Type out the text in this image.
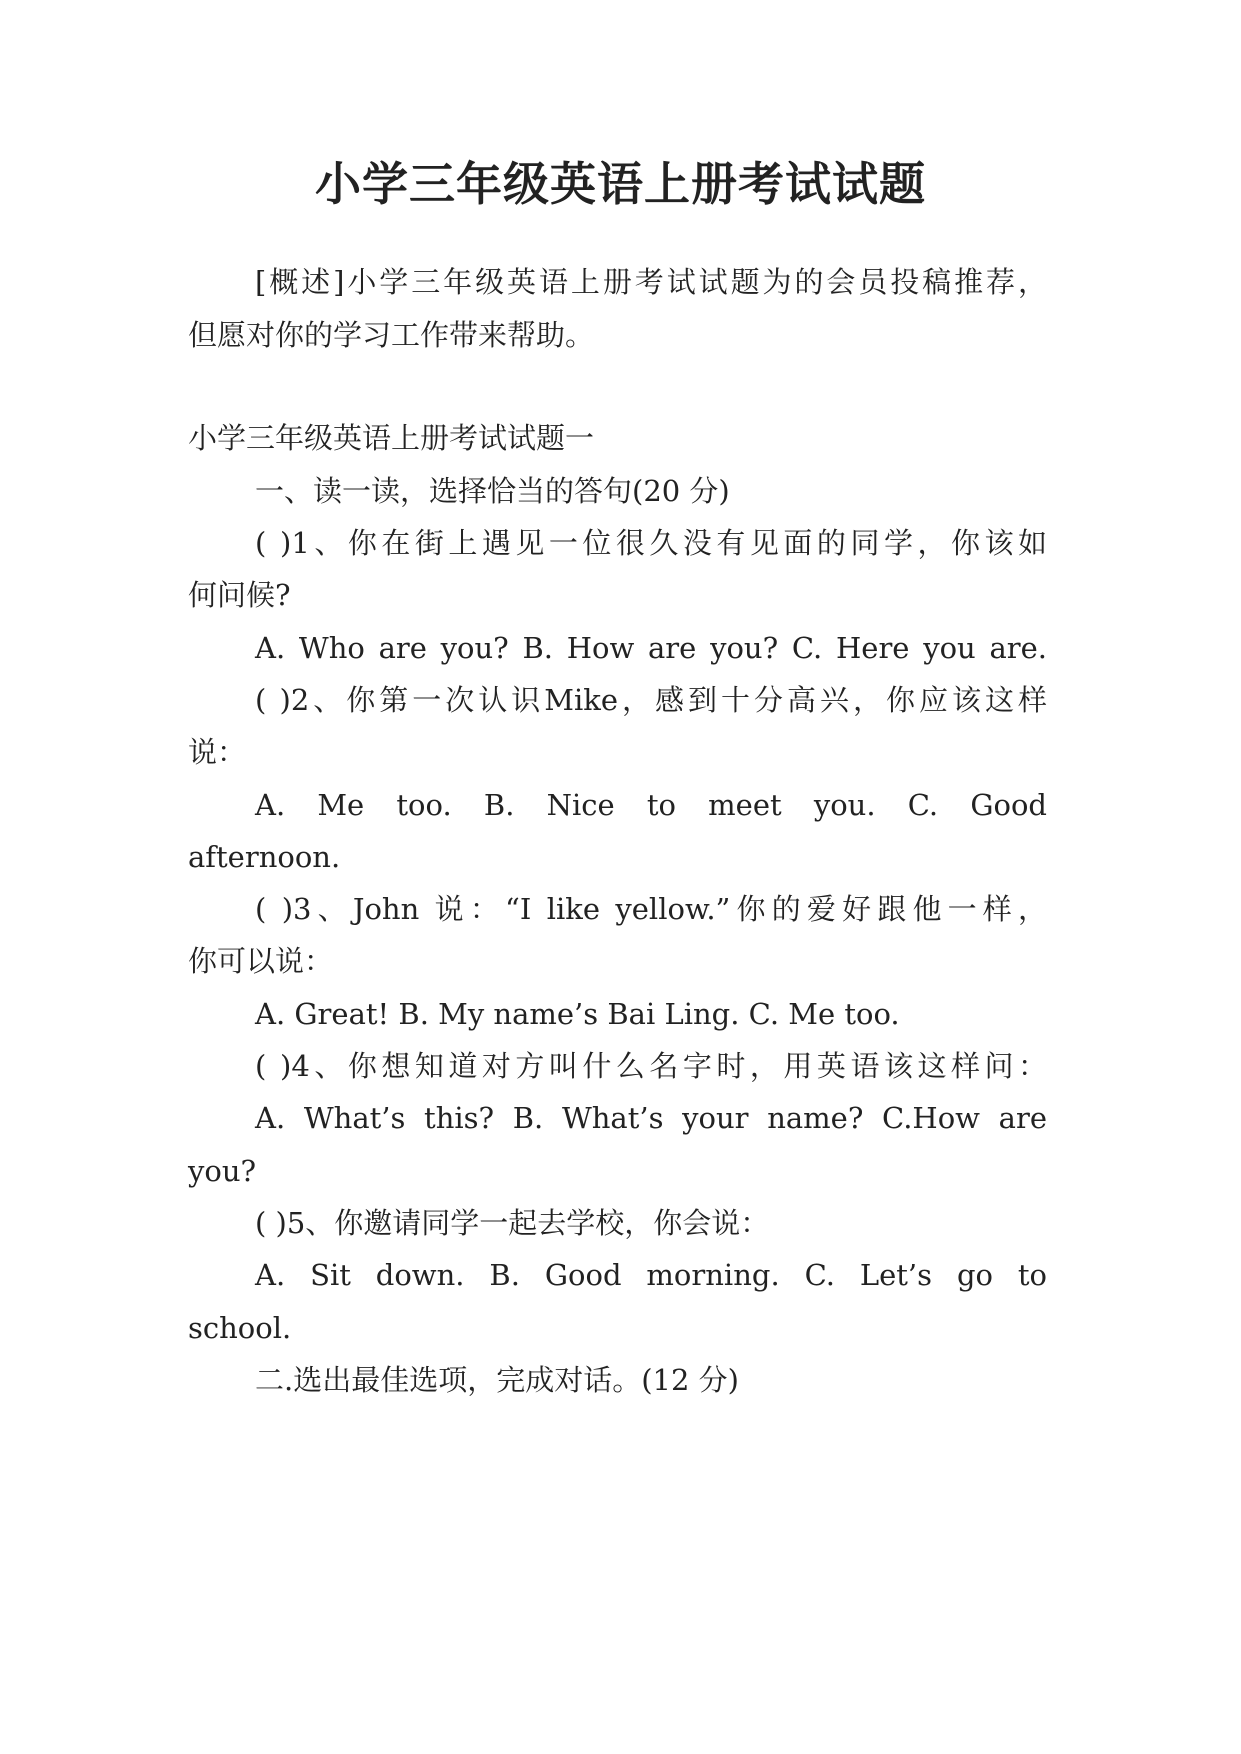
小学三年级英语上册考试试题
[概述]小学三年级英语上册考试试题为的会员投稿推荐，
但愿对你的学习工作带来帮助。
小学三年级英语上册考试试题一
一、读一读，选择恰当的答句(20 分)
( )1、你在街上遇见一位很久没有见面的同学，你该如
何问候?
A. Who are you? B. How are you? C. Here you are.
( )2、你第一次认识Mike，感到十分高兴，你应该这样
说：
A. Me too. B. Nice to meet you. C. Good
afternoon.
( )3、John 说：“I like yellow.”你的爱好跟他一样，
你可以说：
A. Great! B. My name’s Bai Ling. C. Me too.
( )4、你想知道对方叫什么名字时，用英语该这样问：
A. What’s this? B. What’s your name? C.How are
you?
( )5、你邀请同学一起去学校，你会说：
A. Sit down. B. Good morning. C. Let’s go to
school.
二.选出最佳选项，完成对话。(12 分)
